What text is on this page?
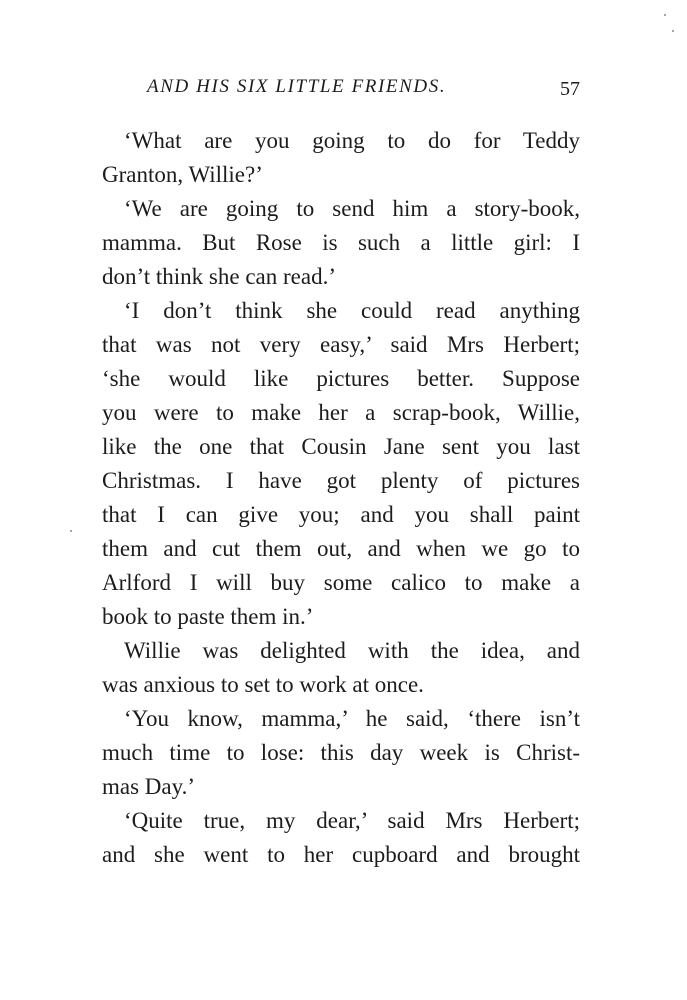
AND HIS SIX LITTLE FRIENDS.	57
‘What are you going to do for Teddy
Granton, Willie?’
‘We are going to send him a story-book,
mamma. But Rose is such a little girl: I
don’t think she can read.’
‘I don’t think she could read anything
that was not very easy,’ said Mrs Herbert;
‘she would like pictures better. Suppose
you were to make her a scrap-book, Willie,
like the one that Cousin Jane sent you last
Christmas. I have got plenty of pictures
that I can give you; and you shall paint
them and cut them out, and when we go to
Arlford I will buy some calico to make a
book to paste them in.’
Willie was delighted with the idea, and
was anxious to set to work at once.
‘You know, mamma,’ he said, ‘there isn’t
much time to lose: this day week is Christ-
mas Day.’
‘Quite true, my dear,’ said Mrs Herbert;
and she went to her cupboard and brought
